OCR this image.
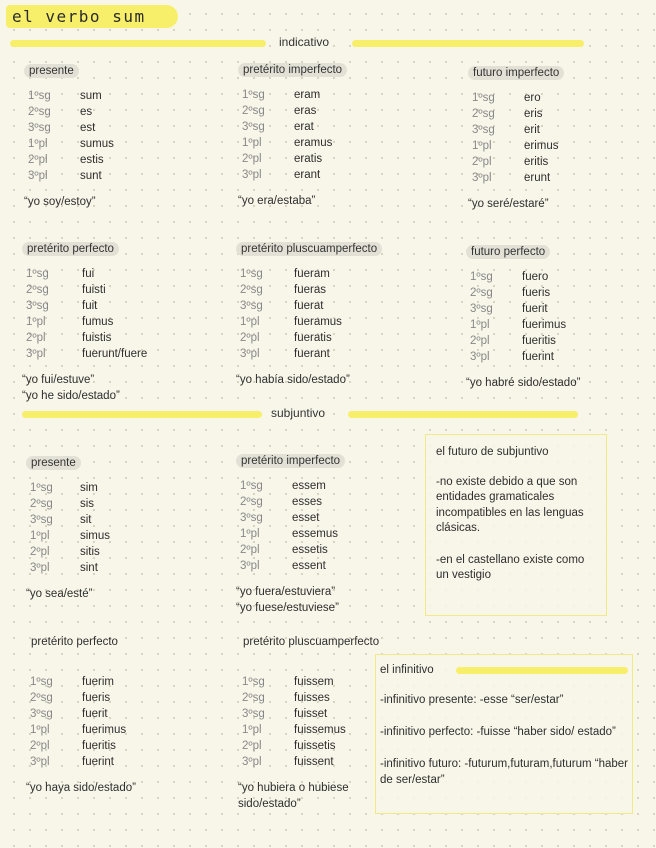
el verbo sum
indicativo
subjuntivo
presente
1ºsg	sum
2ºsg	es
3ºsg	est
1ºpl	sumus
2ºpl	estis
3ºpl	sunt
“yo soy/estoy”
pretérito imperfecto
1ºsg	eram
2ºsg	eras
3ºsg	erat
1ºpl	eramus
2ºpl	eratis
3ºpl	erant
“yo era/estaba”
futuro imperfecto
1ºsg	ero
2ºsg	eris
3ºsg	erit
1ºpl	erimus
2ºpl	eritis
3ºpl	erunt
“yo seré/estaré”
pretérito perfecto
1ºsg	fui
2ºsg	fuisti
3ºsg	fuit
1ºpl	fumus
2ºpl	fuistis
3ºpl	fuerunt/fuere
“yo fui/estuve”
“yo he sido/estado”
pretérito pluscuamperfecto
1ºsg	fueram
2ºsg	fueras
3ºsg	fuerat
1ºpl	fueramus
2ºpl	fueratis
3ºpl	fuerant
“yo había sido/estado”
futuro perfecto
1ºsg	fuero
2ºsg	fueris
3ºsg	fuerit
1ºpl	fuerimus
2ºpl	fueritis
3ºpl	fuerint
“yo habré sido/estado”
presente
1ºsg sim
2ºsg sis
3ºsg sit
1ºpl	simus
2ºpl	sitis
3ºpl	sint
“yo sea/esté”
pretérito imperfecto
1ºsg	essem
2ºsg	esses
3ºsg	esset
1ºpl	essemus
2ºpl	essetis
3ºpl	essent
“yo fuera/estuviera”
“yo fuese/estuviese”
pretérito perfecto
1ºsg	fuerim
2ºsg	fueris
3ºsg	fuerit
1ºpl	fuerimus
2ºpl	fueritis
3ºpl	fuerint
“yo haya sido/estado”
pretérito pluscuamperfecto
1ºsg	fuissem
2ºsg	fuisses
3ºsg	fuisset
1ºpl	fuissemus
2ºpl	fuissetis
3ºpl	fuissent
“yo hubiera o hubiese
sido/estado”

el futuro de subjuntivo

-no existe debido a que son entidades gramaticales incompatibles en las lenguas clásicas.

-en el castellano existe como un vestigio

el infinitivo

-infinitivo presente: -esse “ser/estar”

-infinitivo perfecto: -fuisse “haber sido/ estado”

-infinitivo futuro: -futurum,futuram,futurum “haber de ser/estar”
